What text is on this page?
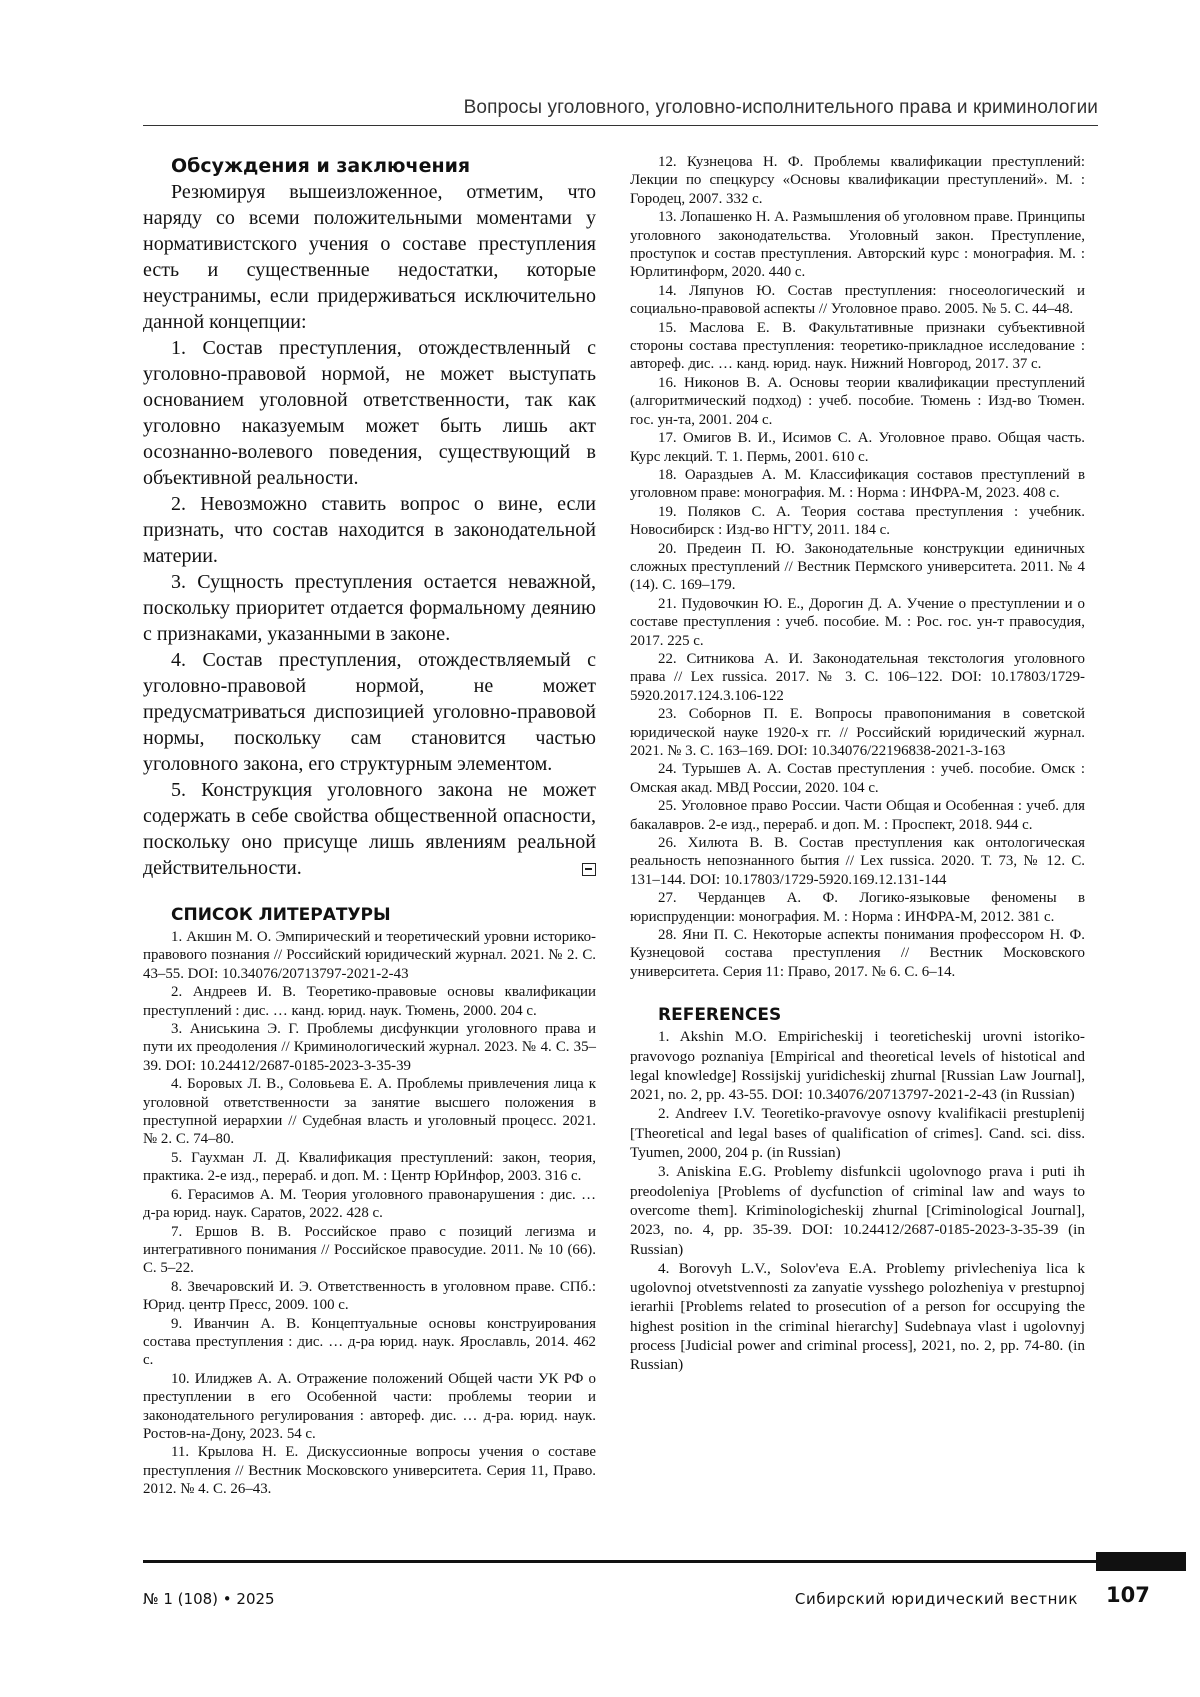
Вопросы уголовного, уголовно-исполнительного права и криминологии
Обсуждения и заключения

Резюмируя вышеизложенное, отметим, что наряду со всеми положительными моментами у нормативистского учения о составе преступления есть и существенные недостатки, которые неустранимы, если придерживаться исключительно данной концепции:

1. Состав преступления, отождествленный с уголовно-правовой нормой, не может выступать основанием уголовной ответственности, так как уголовно наказуемым может быть лишь акт осознанно-волевого поведения, существующий в объективной реальности.

2. Невозможно ставить вопрос о вине, если признать, что состав находится в законодательной материи.

3. Сущность преступления остается неважной, поскольку приоритет отдается формальному деянию с признаками, указанными в законе.

4. Состав преступления, отождествляемый с уголовно-правовой нормой, не может предусматриваться диспозицией уголовно-правовой нормы, поскольку сам становится частью уголовного закона, его структурным элементом.

5. Конструкция уголовного закона не может содержать в себе свойства общественной опасности, поскольку оно присуще лишь явлениям реальной действительности.

СПИСОК ЛИТЕРАТУРЫ

1. Акшин М. О. Эмпирический и теоретический уровни историко-правового познания // Российский юридический журнал. 2021. № 2. С. 43–55. DOI: 10.34076/20713797-2021-2-43

2. Андреев И. В. Теоретико-правовые основы квалификации преступлений : дис. … канд. юрид. наук. Тюмень, 2000. 204 с.

3. Аниськина Э. Г. Проблемы дисфункции уголовного права и пути их преодоления // Криминологический журнал. 2023. № 4. С. 35–39. DOI: 10.24412/2687-0185-2023-3-35-39

4. Боровых Л. В., Соловьева Е. А. Проблемы привлечения лица к уголовной ответственности за занятие высшего положения в преступной иерархии // Судебная власть и уголовный процесс. 2021. № 2. С. 74–80.

5. Гаухман Л. Д. Квалификация преступлений: закон, теория, практика. 2-е изд., перераб. и доп. М. : Центр ЮрИнфор, 2003. 316 с.

6. Герасимов А. М. Теория уголовного правонарушения : дис. … д-ра юрид. наук. Саратов, 2022. 428 с.

7. Ершов В. В. Российское право с позиций легизма и интегративного понимания // Российское правосудие. 2011. № 10 (66). С. 5–22.

8. Звечаровский И. Э. Ответственность в уголовном праве. СПб.: Юрид. центр Пресс, 2009. 100 с.

9. Иванчин А. В. Концептуальные основы конструирования состава преступления : дис. … д-ра юрид. наук. Ярославль, 2014. 462 с.

10. Илиджев А. А. Отражение положений Общей части УК РФ о преступлении в его Особенной части: проблемы теории и законодательного регулирования : автореф. дис. … д-ра. юрид. наук. Ростов-на-Дону, 2023. 54 с.

11. Крылова Н. Е. Дискуссионные вопросы учения о составе преступления // Вестник Московского университета. Серия 11, Право. 2012. № 4. С. 26–43.

12. Кузнецова Н. Ф. Проблемы квалификации преступлений: Лекции по спецкурсу «Основы квалификации преступлений». М. : Городец, 2007. 332 с.

13. Лопашенко Н. А. Размышления об уголовном праве. Принципы уголовного законодательства. Уголовный закон. Преступление, проступок и состав преступления. Авторский курс : монография. М. : Юрлитинформ, 2020. 440 с.

14. Ляпунов Ю. Состав преступления: гносеологический и социально-правовой аспекты // Уголовное право. 2005. № 5. С. 44–48.

15. Маслова Е. В. Факультативные признаки субъективной стороны состава преступления: теоретико-прикладное исследование : автореф. дис. … канд. юрид. наук. Нижний Новгород, 2017. 37 с.

16. Никонов В. А. Основы теории квалификации преступлений (алгоритмический подход) : учеб. пособие. Тюмень : Изд-во Тюмен. гос. ун-та, 2001. 204 с.

17. Омигов В. И., Исимов С. А. Уголовное право. Общая часть. Курс лекций. Т. 1. Пермь, 2001. 610 с.

18. Оараздыев А. М. Классификация составов преступлений в уголовном праве: монография. М. : Норма : ИНФРА-М, 2023. 408 с.

19. Поляков С. А. Теория состава преступления : учебник. Новосибирск : Изд-во НГТУ, 2011. 184 с.

20. Предеин П. Ю. Законодательные конструкции единичных сложных преступлений // Вестник Пермского университета. 2011. № 4 (14). С. 169–179.

21. Пудовочкин Ю. Е., Дорогин Д. А. Учение о преступлении и о составе преступления : учеб. пособие. М. : Рос. гос. ун-т правосудия, 2017. 225 с.

22. Ситникова А. И. Законодательная текстология уголовного права // Lex russica. 2017. № 3. С. 106–122. DOI: 10.17803/1729-5920.2017.124.3.106-122

23. Соборнов П. Е. Вопросы правопонимания в советской юридической науке 1920-х гг. // Российский юридический журнал. 2021. № 3. С. 163–169. DOI: 10.34076/22196838-2021-3-163

24. Турышев А. А. Состав преступления : учеб. пособие. Омск : Омская акад. МВД России, 2020. 104 с.

25. Уголовное право России. Части Общая и Особенная : учеб. для бакалавров. 2-е изд., перераб. и доп. М. : Проспект, 2018. 944 с.

26. Хилюта В. В. Состав преступления как онтологическая реальность непознанного бытия // Lex russica. 2020. Т. 73, № 12. С. 131–144. DOI: 10.17803/1729-5920.169.12.131-144

27. Черданцев А. Ф. Логико-языковые феномены в юриспруденции: монография. М. : Норма : ИНФРА-М, 2012. 381 с.

28. Яни П. С. Некоторые аспекты понимания профессором Н. Ф. Кузнецовой состава преступления // Вестник Московского университета. Серия 11: Право, 2017. № 6. С. 6–14.

REFERENCES

1. Akshin M.O. Empiricheskij i teoreticheskij urovni istoriko-pravovogo poznaniya [Empirical and theoretical levels of histotical and legal knowledge] Rossijskij yuridicheskij zhurnal [Russian Law Journal], 2021, no. 2, pp. 43-55. DOI: 10.34076/20713797-2021-2-43 (in Russian)

2. Andreev I.V. Teoretiko-pravovye osnovy kvalifikacii prestuplenij [Theoretical and legal bases of qualification of crimes]. Cand. sci. diss. Tyumen, 2000, 204 p. (in Russian)

3. Aniskina E.G. Problemy disfunkcii ugolovnogo prava i puti ih preodoleniya [Problems of dycfunction of criminal law and ways to overcome them]. Kriminologicheskij zhurnal [Criminological Journal], 2023, no. 4, pp. 35-39. DOI: 10.24412/2687-0185-2023-3-35-39 (in Russian)

4. Borovyh L.V., Solov'eva E.A. Problemy privlecheniya lica k ugolovnoj otvetstvennosti za zanyatie vysshego polozheniya v prestupnoj ierarhii [Problems related to prosecution of a person for occupying the highest position in the criminal hierarchy] Sudebnaya vlast i ugolovnyj process [Judicial power and criminal process], 2021, no. 2, pp. 74-80. (in Russian)

№ 1 (108) • 2025	Сибирский юридический вестник 107
